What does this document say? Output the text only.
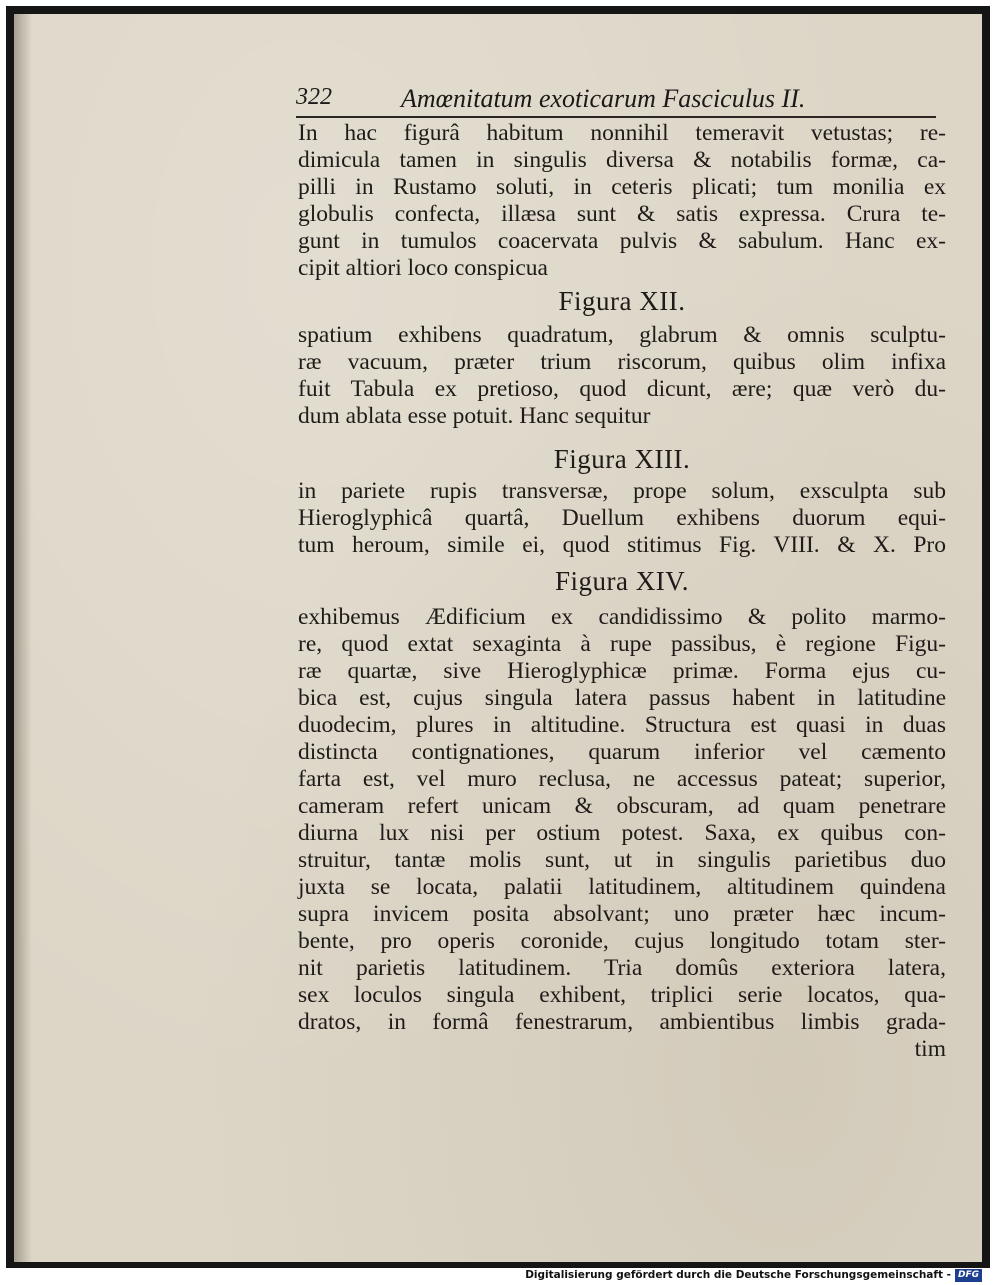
322	Amœnitatum exoticarum Fasciculus II.
In hac figurâ habitum nonnihil temeravit vetustas; re-
dimicula tamen in singulis diversa & notabilis formæ, ca-
pilli in Rustamo soluti, in ceteris plicati; tum monilia ex
globulis confecta, illæsa sunt & satis expressa. Crura te-
gunt in tumulos coacervata pulvis & sabulum. Hanc ex-
cipit altiori loco conspicua
Figura XII.
spatium exhibens quadratum, glabrum & omnis sculptu-
ræ vacuum, præter trium riscorum, quibus olim infixa
fuit Tabula ex pretioso, quod dicunt, ære; quæ verò du-
dum ablata esse potuit. Hanc sequitur
Figura XIII.
in pariete rupis transversæ, prope solum, exsculpta sub
Hieroglyphicâ quartâ, Duellum exhibens duorum equi-
tum heroum, simile ei, quod stitimus Fig. VIII. & X. Pro
Figura XIV.
exhibemus Ædificium ex candidissimo & polito marmo-
re, quod extat sexaginta à rupe passibus, è regione Figu-
ræ quartæ, sive Hieroglyphicæ primæ. Forma ejus cu-
bica est, cujus singula latera passus habent in latitudine
duodecim, plures in altitudine. Structura est quasi in duas
distincta contignationes, quarum inferior vel cæmento
farta est, vel muro reclusa, ne accessus pateat; superior,
cameram refert unicam & obscuram, ad quam penetrare
diurna lux nisi per ostium potest. Saxa, ex quibus con-
struitur, tantæ molis sunt, ut in singulis parietibus duo
juxta se locata, palatii latitudinem, altitudinem quindena
supra invicem posita absolvant; uno præter hæc incum-
bente, pro operis coronide, cujus longitudo totam ster-
nit parietis latitudinem. Tria domûs exteriora latera,
sex loculos singula exhibent, triplici serie locatos, qua-
dratos, in formâ fenestrarum, ambientibus limbis grada-
tim
Digitalisierung gefördert durch die Deutsche Forschungsgemeinschaft - DFG
